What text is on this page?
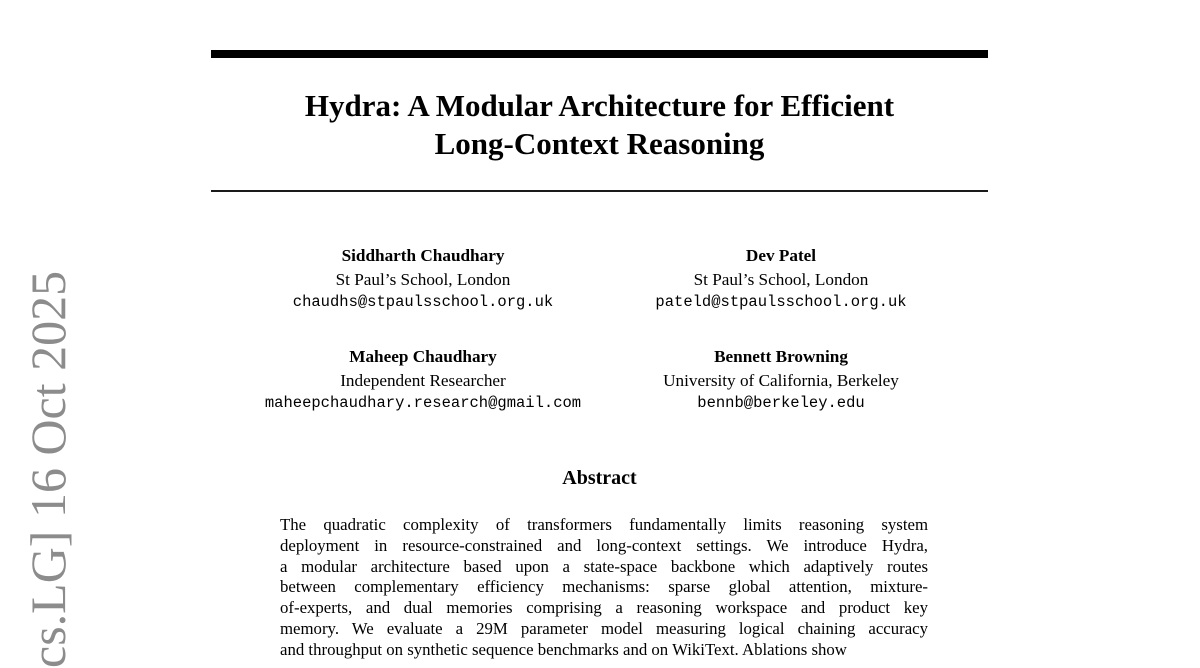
cs.LG] 16 Oct 2025
Hydra: A Modular Architecture for Efficient
Long-Context Reasoning
Siddharth Chaudhary
St Paul’s School, London
chaudhs@stpaulsschool.org.uk
Dev Patel
St Paul’s School, London
pateld@stpaulsschool.org.uk
Maheep Chaudhary
Independent Researcher
maheepchaudhary.research@gmail.com
Bennett Browning
University of California, Berkeley
bennb@berkeley.edu
Abstract
The quadratic complexity of transformers fundamentally limits reasoning system
deployment in resource-constrained and long-context settings. We introduce Hydra,
a modular architecture based upon a state-space backbone which adaptively routes
between complementary efficiency mechanisms: sparse global attention, mixture-
of-experts, and dual memories comprising a reasoning workspace and product key
memory. We evaluate a 29M parameter model measuring logical chaining accuracy
and throughput on synthetic sequence benchmarks and on WikiText. Ablations show
